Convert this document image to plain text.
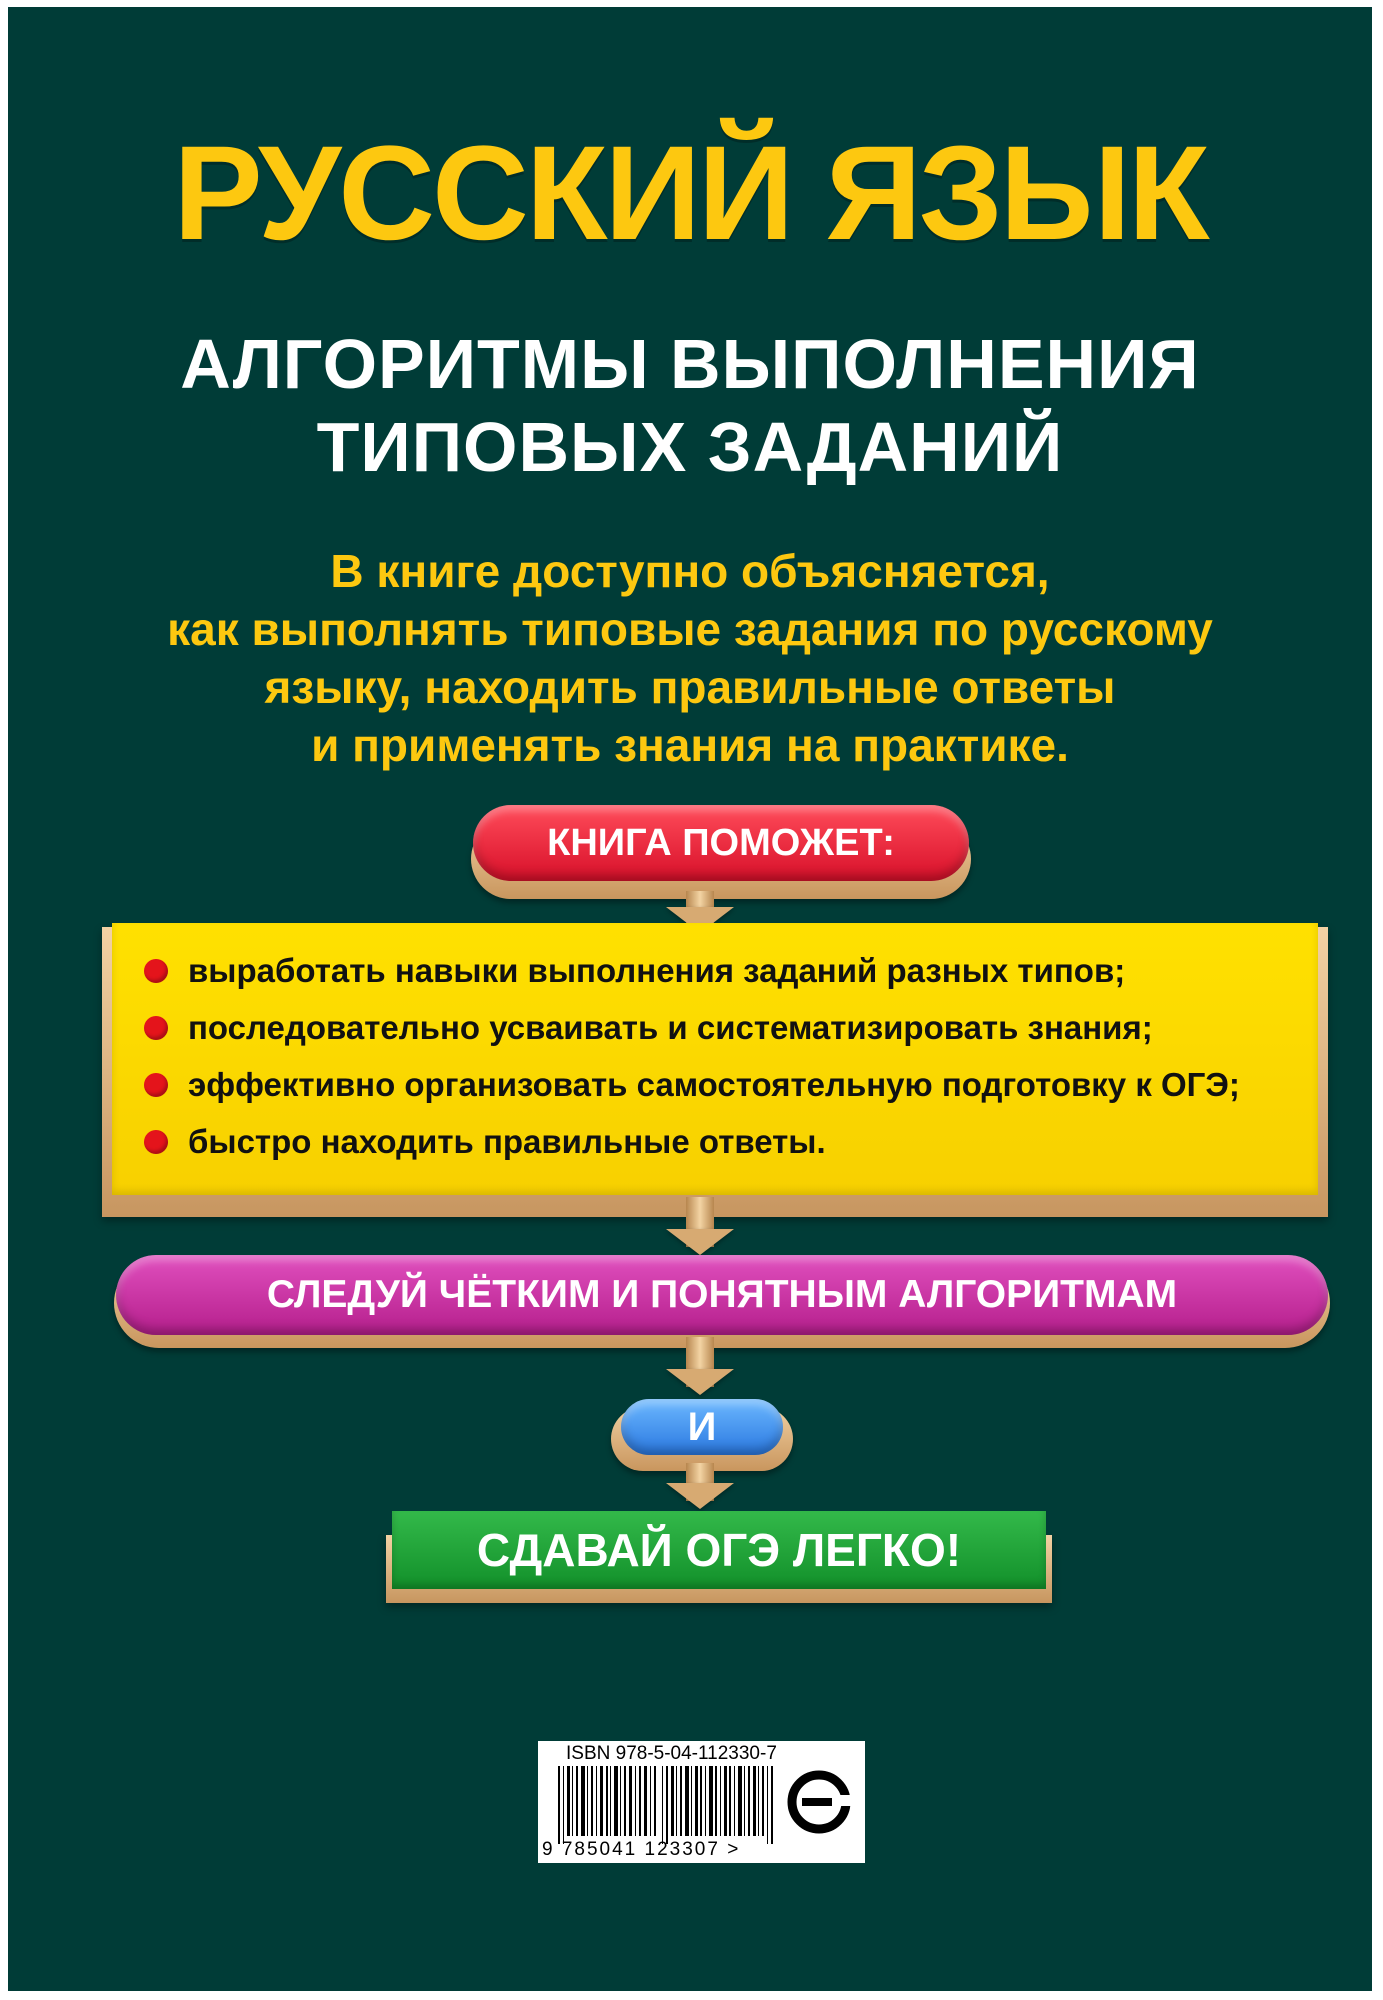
РУССКИЙ ЯЗЫК
АЛГОРИТМЫ ВЫПОЛНЕНИЯ
ТИПОВЫХ ЗАДАНИЙ
В книге доступно объясняется,
как выполнять типовые задания по русскому
языку, находить правильные ответы
и применять знания на практике.
КНИГА ПОМОЖЕТ:
выработать навыки выполнения заданий разных типов;
последовательно усваивать и систематизировать знания;
эффективно организовать самостоятельную подготовку к ОГЭ;
быстро находить правильные ответы.
СЛЕДУЙ ЧЁТКИМ И ПОНЯТНЫМ АЛГОРИТМАМ
И
СДАВАЙ ОГЭ ЛЕГКО!
ISBN 978-5-04-112330-7
9 785041 123307 >
